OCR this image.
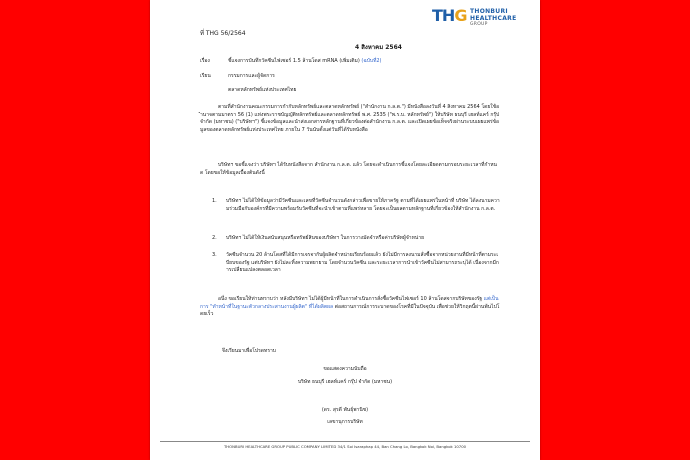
THG THONBURI
HEALTHCARE
GROUP
ที่ THG 56/2564
4 สิงหาคม 2564
เรื่อง	ชี้แจงการบันทึกวัคซีนไฟเซอร์ 1.5 ล้านโดส mRNA (เพิ่มเติม) (ฉบับที่2)
เรียน	กรรมการและผู้จัดการ
ตลาดหลักทรัพย์แห่งประเทศไทย
ตามที่สำนักงานคณะกรรมการกำกับหลักทรัพย์และตลาดหลักทรัพย์ ("สำนักงาน ก.ล.ต.") มีหนังสือลงวันที่ 4 สิงหาคม 2564 โดยใช้อำนาจตามมาตรา 56 (1) แห่งพระราชบัญญัติหลักทรัพย์และตลาดหลักทรัพย์ พ.ศ. 2535 ("พ.ร.บ. หลักทรัพย์") ให้บริษัท ธนบุรี เฮลท์แคร์ กรุ๊ป จำกัด (มหาชน) ("บริษัทฯ") ชี้แจงข้อมูลและนำส่งเอกสารหลักฐานที่เกี่ยวข้องต่อสำนักงาน ก.ล.ต. และเปิดเผยข้อเท็จจริงผ่านระบบเผยแพร่ข้อมูลของตลาดหลักทรัพย์แห่งประเทศไทย ภายใน 7 วันนับตั้งแต่วันที่ได้รับหนังสือ
บริษัทฯ ขอชี้แจงว่า บริษัทฯ ได้รับหนังสือจาก สำนักงาน ก.ล.ต. แล้ว โดยจะดำเนินการชี้แจงโดยละเอียดตามกรอบระยะเวลาที่กำหนด โดยขอให้ข้อมูลเบื้องต้นดังนี้
1. บริษัทฯ ไม่ได้ให้ข้อมูลว่ามีวัคซีนและเลขที่วัคซีนจำนวนดังกล่าวเพื่อขายให้ภาครัฐ ตามที่ได้เผยแพร่ในหน้าที่ บริษัท ได้ลงนามความร่วมมือกับองค์กรที่มีความพร้อมรับวัคซีนที่จะนำเข้าตามที่แพร่หลาย โดยจะเป็นผลตามหลักฐานที่เกี่ยวข้องให้สำนักงาน ก.ล.ต.
2. บริษัทฯ ไม่ได้ให้เงินสนับสนุนหรือทรัพย์สินของบริษัทฯ ในการวางมัดจำหรือค่าบริษัทผู้จำหน่าย
3. วัคซีนจำนวน 20 ล้านโดสที่ได้มีการเจรจากับผู้ผลิตจำหน่ายเรียบร้อยแล้ว ยังไม่มีการลงนามสั่งซื้อจากหน่วยงานที่มีหน้าที่ตามระเบียบของรัฐ แต่บริษัทฯ ยังไม่ละทิ้งความพยายาม โดยจำนวนวัคซีน และระยะเวลาการนำเข้าวัคซีนไม่สามารถระบุได้ เนื่องจากมีการเปลี่ยนแปลงตลอดเวลา
อนึ่ง ขอเรียนให้ท่านทราบว่า หลังมีบริษัทฯ ไม่ได้ผู้มีหน้าที่ในการดำเนินการสั่งซื้อวัคซีนไฟเซอร์ 10 ล้านโดสจากบริษัทของรัฐ แต่เป็นการ "ทำหน้าที่ในฐานะตัวกลางประสานงานผู้ผลิต" ที่ได้ผลิตผล ต่อสถานการณ์การระบาดของโรคที่มีในปัจจุบัน เพื่อช่วยให้วิกฤตนี้ผ่านพ้นไปโดยเร็ว
จึงเรียนมาเพื่อโปรดทราบ
ขอแสดงความนับถือ
บริษัท ธนบุรี เฮลท์แคร์ กรุ๊ป จำกัด (มหาชน)
(ดร. สุรดี พันธุ์พานิช)
เลขานุการบริษัท
THONBURI HEALTHCARE GROUP PUBLIC COMPANY LIMITED 34/1 Soi Isaraphap 44, Ban Chang Lo, Bangkok Noi, Bangkok 10700
